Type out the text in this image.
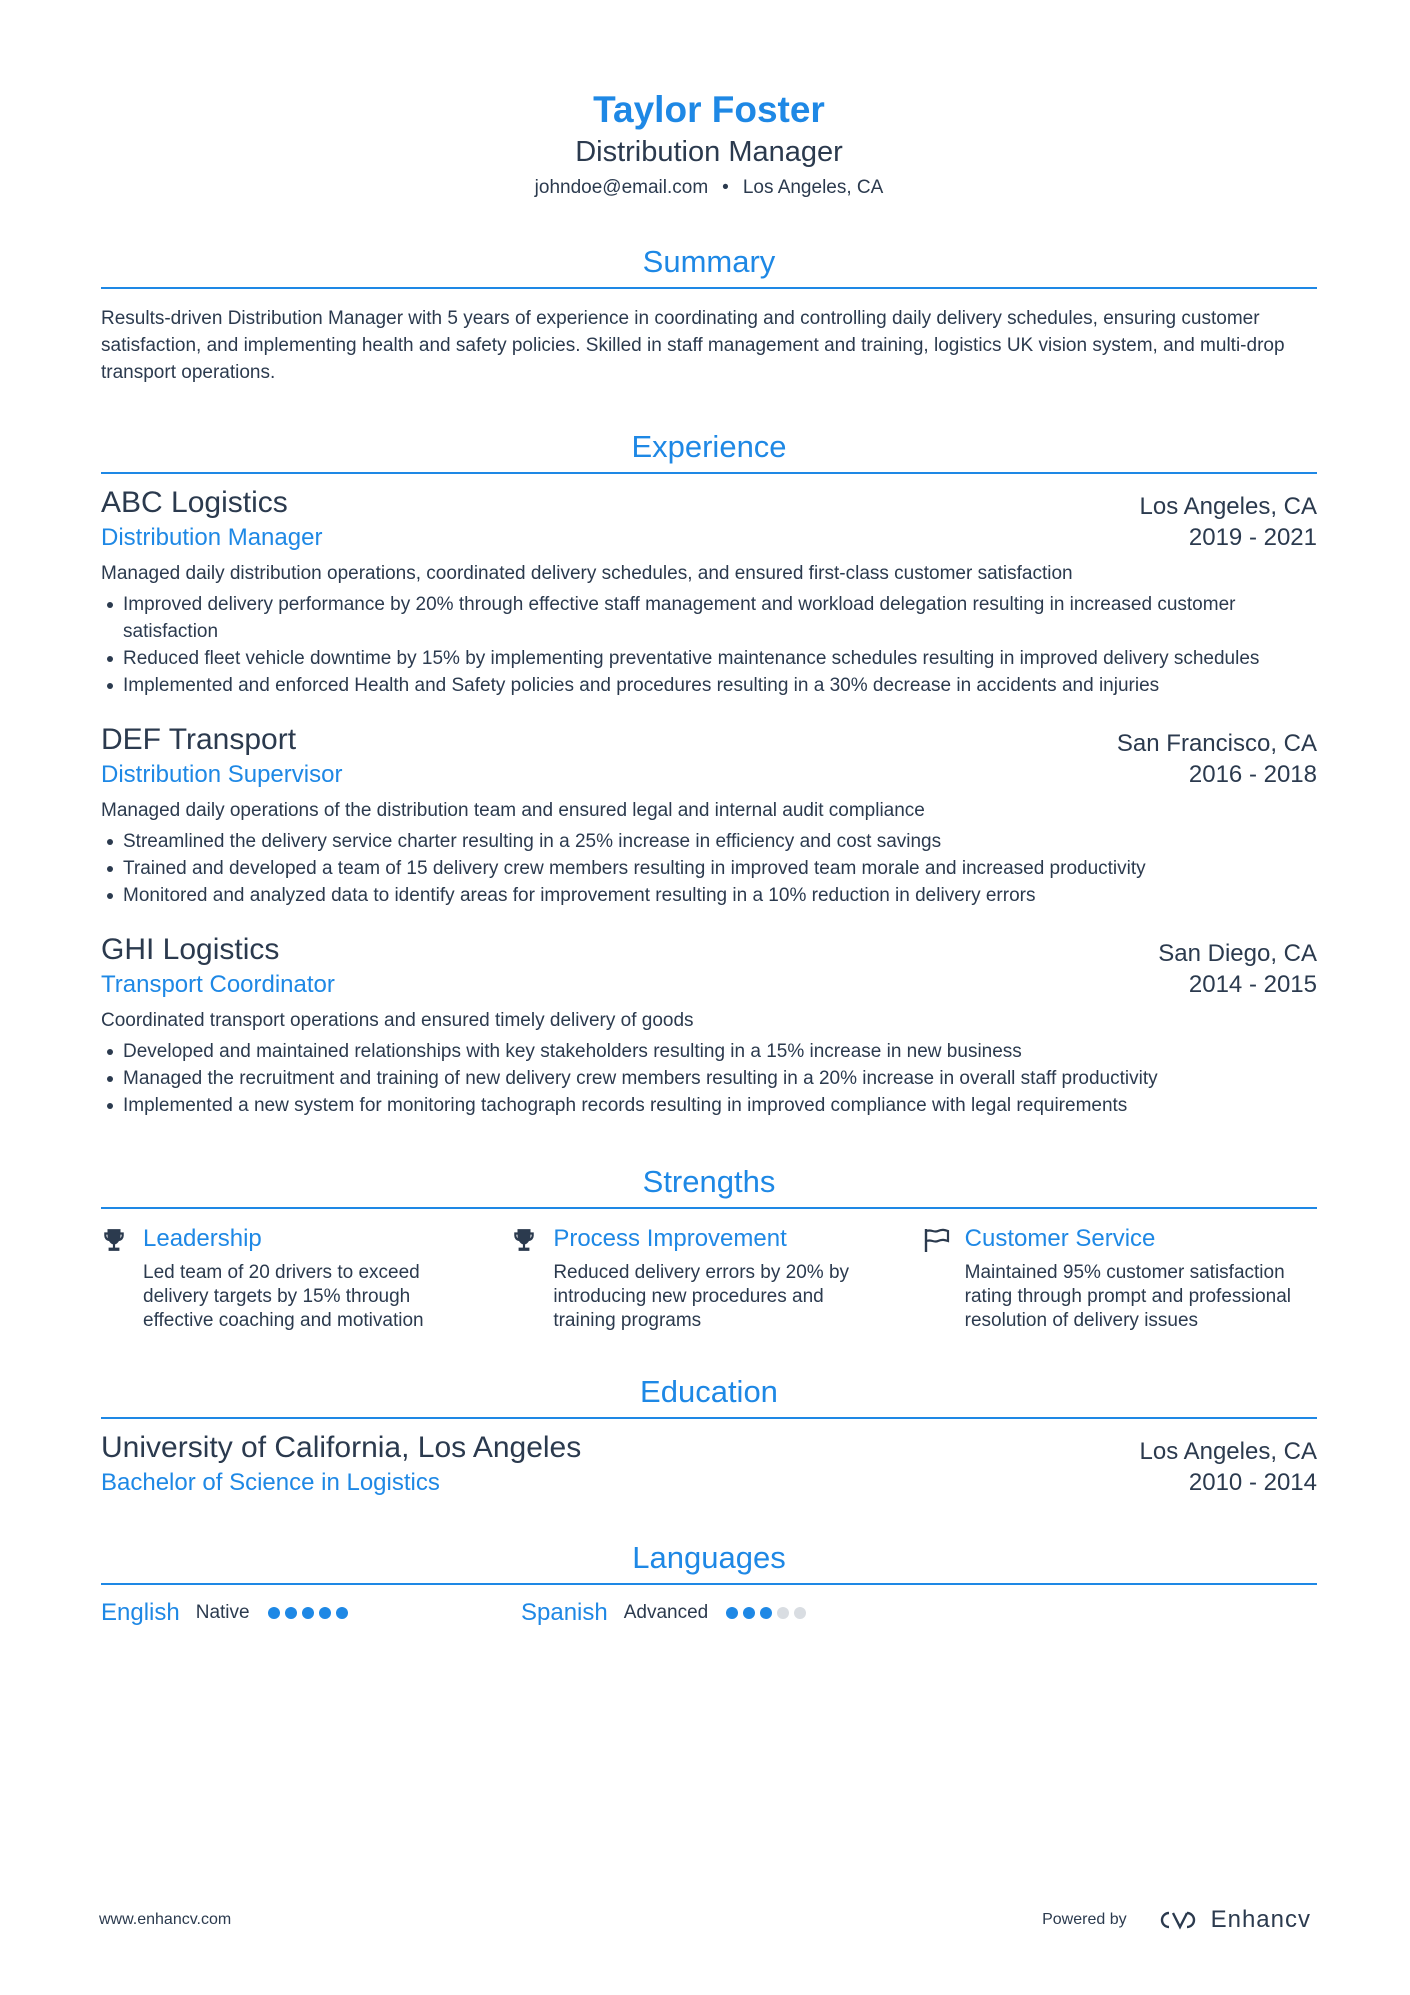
Taylor Foster
Distribution Manager
johndoe@email.com • Los Angeles, CA
Summary
Results-driven Distribution Manager with 5 years of experience in coordinating and controlling daily delivery schedules, ensuring customer satisfaction, and implementing health and safety policies. Skilled in staff management and training, logistics UK vision system, and multi-drop transport operations.
Experience
ABC Logistics	Los Angeles, CA
Distribution Manager	2019 - 2021
Managed daily distribution operations, coordinated delivery schedules, and ensured first-class customer satisfaction
Improved delivery performance by 20% through effective staff management and workload delegation resulting in increased customer satisfaction
Reduced fleet vehicle downtime by 15% by implementing preventative maintenance schedules resulting in improved delivery schedules
Implemented and enforced Health and Safety policies and procedures resulting in a 30% decrease in accidents and injuries
DEF Transport	San Francisco, CA
Distribution Supervisor	2016 - 2018
Managed daily operations of the distribution team and ensured legal and internal audit compliance
Streamlined the delivery service charter resulting in a 25% increase in efficiency and cost savings
Trained and developed a team of 15 delivery crew members resulting in improved team morale and increased productivity
Monitored and analyzed data to identify areas for improvement resulting in a 10% reduction in delivery errors
GHI Logistics	San Diego, CA
Transport Coordinator	2014 - 2015
Coordinated transport operations and ensured timely delivery of goods
Developed and maintained relationships with key stakeholders resulting in a 15% increase in new business
Managed the recruitment and training of new delivery crew members resulting in a 20% increase in overall staff productivity
Implemented a new system for monitoring tachograph records resulting in improved compliance with legal requirements
Strengths
Leadership
Led team of 20 drivers to exceed delivery targets by 15% through effective coaching and motivation
Process Improvement
Reduced delivery errors by 20% by introducing new procedures and training programs
Customer Service
Maintained 95% customer satisfaction rating through prompt and professional resolution of delivery issues
Education
University of California, Los Angeles	Los Angeles, CA
Bachelor of Science in Logistics	2010 - 2014
Languages
English Native	Spanish Advanced
www.enhancv.com	Powered by	Enhancv
